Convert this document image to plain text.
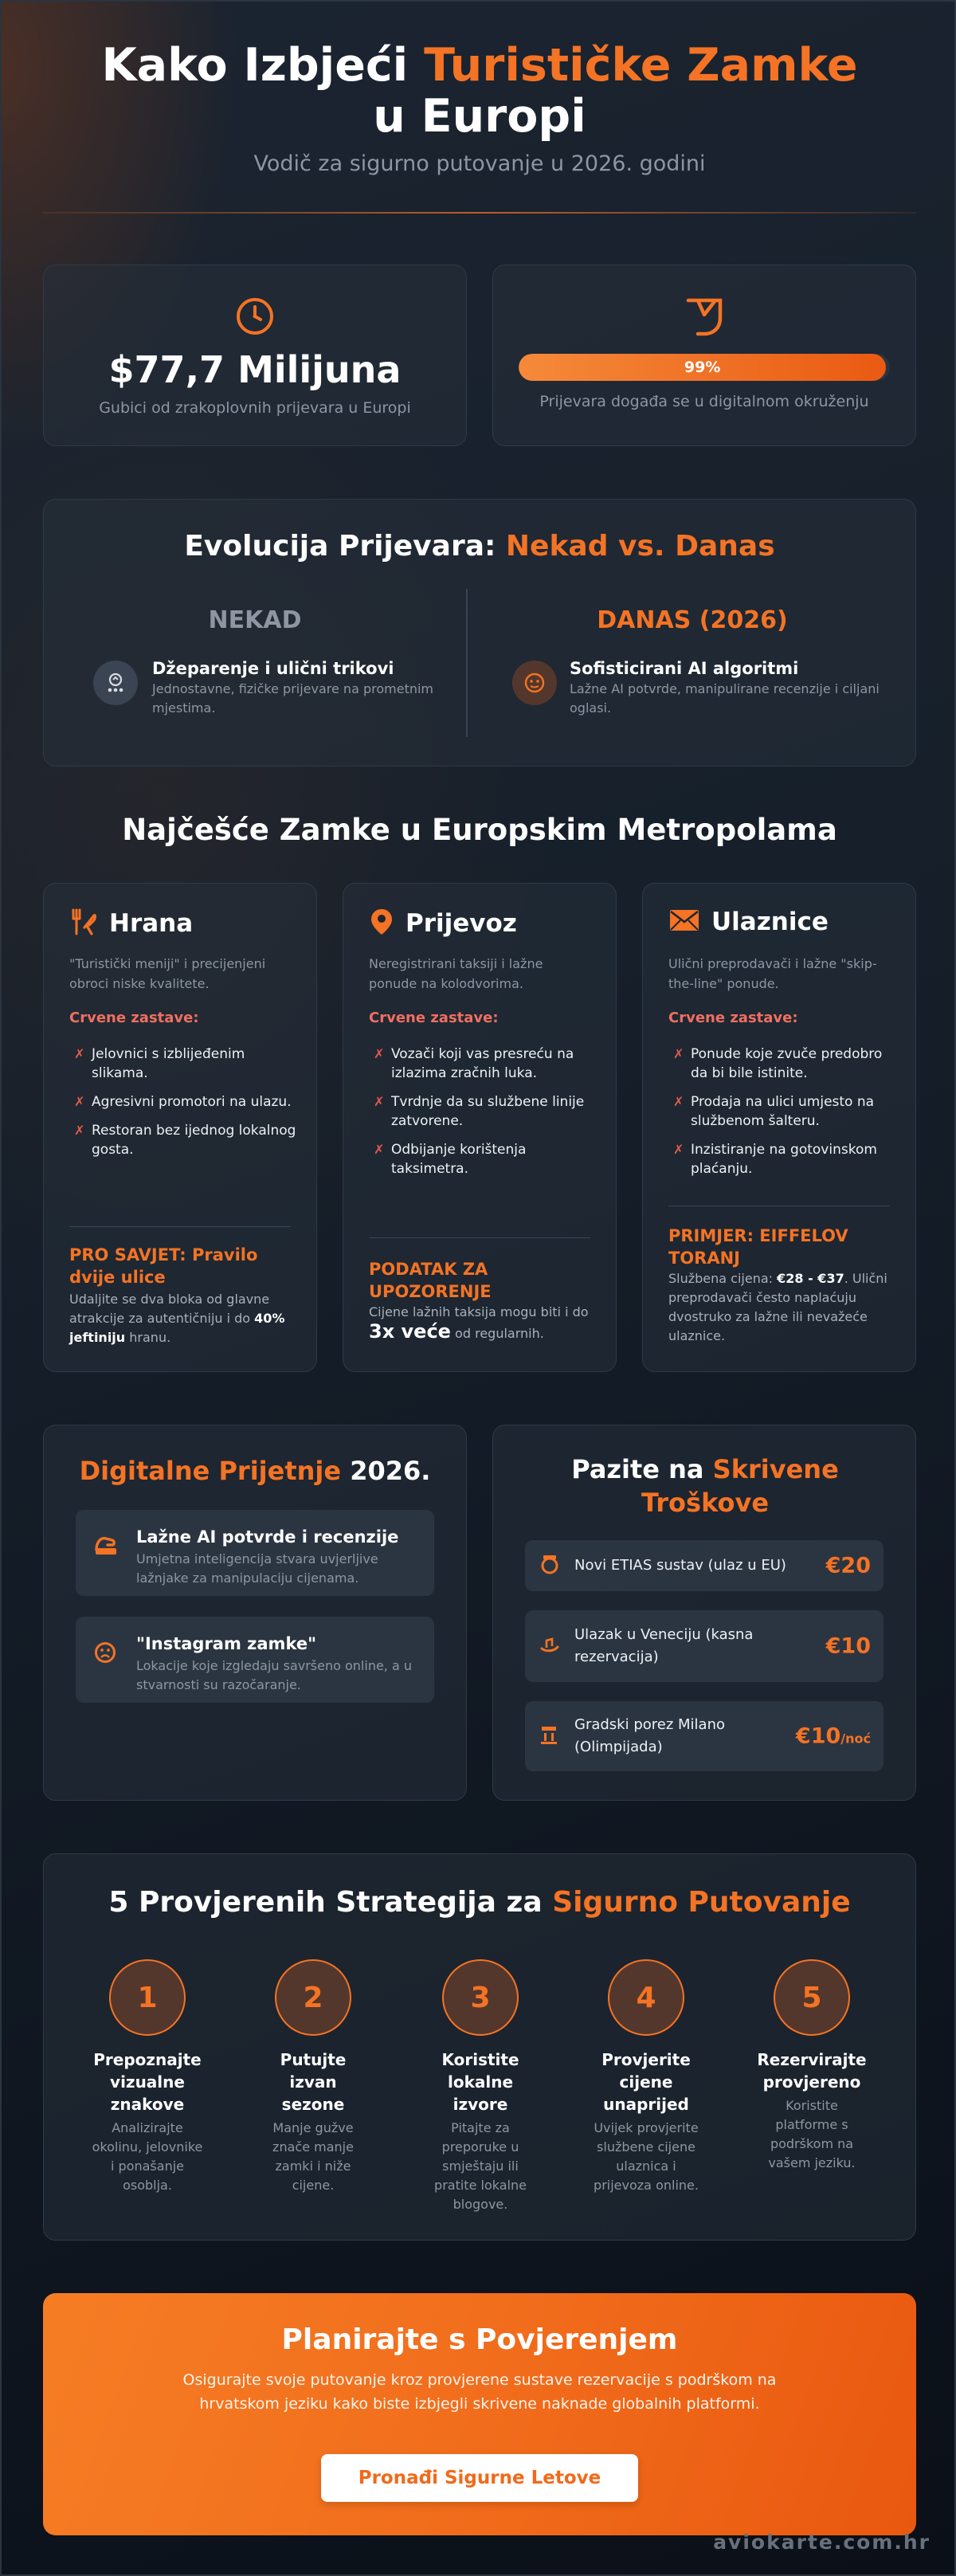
Kako Izbjeći Turističke Zamke u Europi
Vodič za sigurno putovanje u 2026. godini
$77,7 Milijuna
Gubici od zrakoplovnih prijevara u Europi
99%
Prijevara događa se u digitalnom okruženju
Evolucija Prijevara: Nekad vs. Danas
NEKAD
Džeparenje i ulični trikovi
Jednostavne, fizičke prijevare na prometnim mjestima.
DANAS (2026)
Sofisticirani AI algoritmi
Lažne AI potvrde, manipulirane recenzije i ciljani oglasi.
Najčešće Zamke u Europskim Metropolama
Hrana
"Turistički meniji" i precijenjeni obroci niske kvalitete.
Crvene zastave:
✗ Jelovnici s izblijeđenim slikama.
✗ Agresivni promotori na ulazu.
✗ Restoran bez ijednog lokalnog gosta.
PRO SAVJET: Pravilo dvije ulice
Udaljite se dva bloka od glavne atrakcije za autentičniju i do 40% jeftiniju hranu.
Prijevoz
Neregistrirani taksiji i lažne ponude na kolodvorima.
Crvene zastave:
✗ Vozači koji vas presreću na izlazima zračnih luka.
✗ Tvrdnje da su službene linije zatvorene.
✗ Odbijanje korištenja taksimetra.
PODATAK ZA UPOZORENJE
Cijene lažnih taksija mogu biti i do
3x veće od regularnih.
Ulaznice
Ulični preprodavači i lažne "skip-the-line" ponude.
Crvene zastave:
✗ Ponude koje zvuče predobro da bi bile istinite.
✗ Prodaja na ulici umjesto na službenom šalteru.
✗ Inzistiranje na gotovinskom plaćanju.
PRIMJER: EIFFELOV TORANJ
Službena cijena: €28 - €37. Ulični preprodavači često naplaćuju dvostruko za lažne ili nevažeće ulaznice.
Digitalne Prijetnje 2026.
Lažne AI potvrde i recenzije
Umjetna inteligencija stvara uvjerljive lažnjake za manipulaciju cijenama.
"Instagram zamke"
Lokacije koje izgledaju savršeno online, a u stvarnosti su razočaranje.
Pazite na Skrivene Troškove
Novi ETIAS sustav (ulaz u EU)	€20
Ulazak u Veneciju (kasna rezervacija)	€10
Gradski porez Milano (Olimpijada)	€10/noć
5 Provjerenih Strategija za Sigurno Putovanje
1
Prepoznajte vizualne znakove
Analizirajte okolinu, jelovnike i ponašanje osoblja.
2
Putujte izvan sezone
Manje gužve znače manje zamki i niže cijene.
3
Koristite lokalne izvore
Pitajte za preporuke u smještaju ili pratite lokalne blogove.
4
Provjerite cijene unaprijed
Uvijek provjerite službene cijene ulaznica i prijevoza online.
5
Rezervirajte provjereno
Koristite platforme s podrškom na vašem jeziku.
Planirajte s Povjerenjem
Osigurajte svoje putovanje kroz provjerene sustave rezervacije s podrškom na hrvatskom jeziku kako biste izbjegli skrivene naknade globalnih platformi.
Pronađi Sigurne Letove
aviokarte.com.hr
